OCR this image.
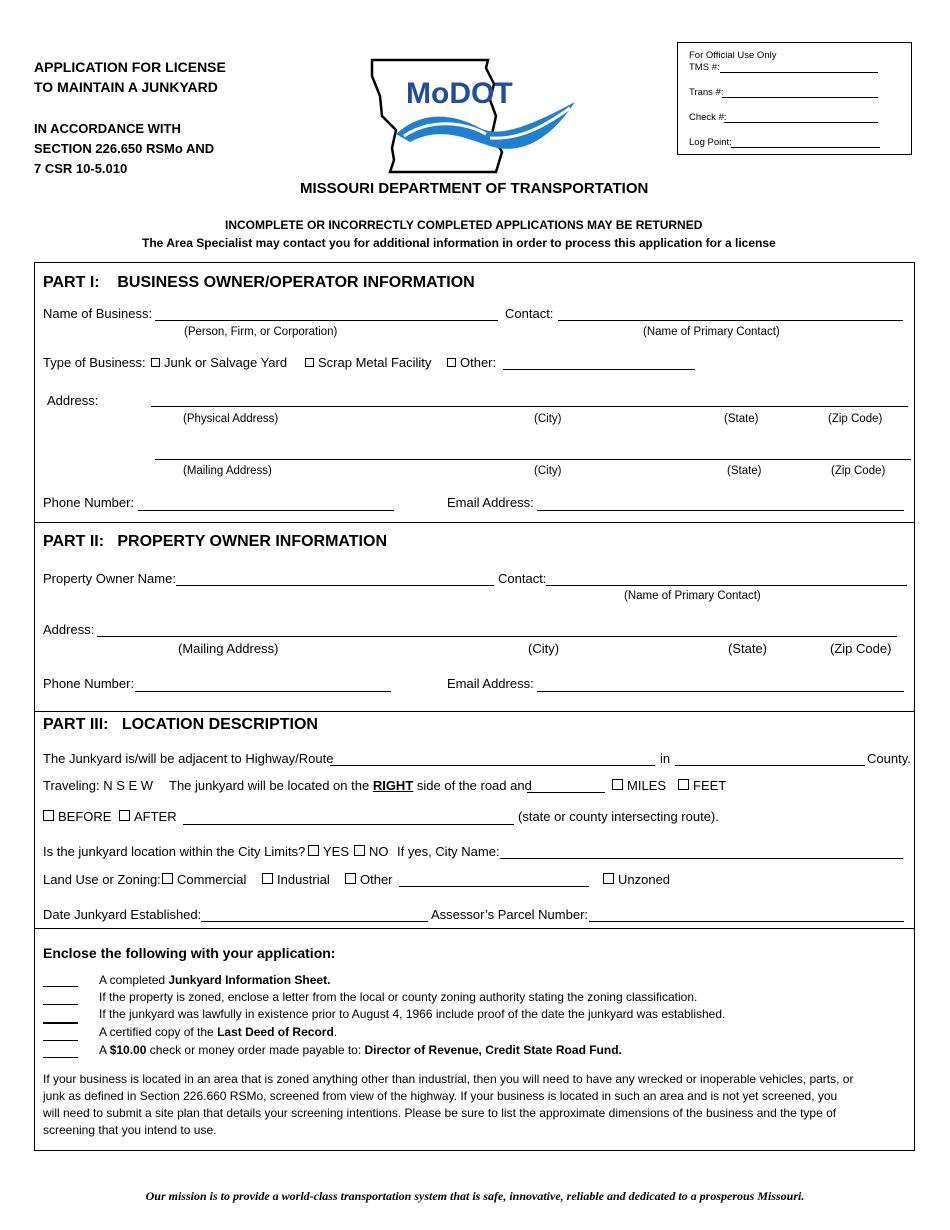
APPLICATION FOR LICENSE
TO MAINTAIN A JUNKYARD
IN ACCORDANCE WITH
SECTION 226.650 RSMo AND
7 CSR 10-5.010
MoDOT
For Official Use Only
TMS #:
Trans #:
Check #:
Log Point:
MISSOURI DEPARTMENT OF TRANSPORTATION
INCOMPLETE OR INCORRECTLY COMPLETED APPLICATIONS MAY BE RETURNED
The Area Specialist may contact you for additional information in order to process this application for a license
PART I:    BUSINESS OWNER/OPERATOR INFORMATION
Name of Business:
(Person, Firm, or Corporation)
Contact:
(Name of Primary Contact)
Type of Business:	Junk or Salvage Yard	Scrap Metal Facility	Other:
Address:
(Physical Address)	(City)	(State)	(Zip Code)
(Mailing Address)	(City)	(State)	(Zip Code)
Phone Number:	Email Address:
PART II:   PROPERTY OWNER INFORMATION
Property Owner Name:	Contact:
(Name of Primary Contact)
Address:
(Mailing Address)	(City)	(State)	(Zip Code)
Phone Number:	Email Address:
PART III:   LOCATION DESCRIPTION
The Junkyard is/will be adjacent to Highway/Route	in	County.
Traveling: N S E W The junkyard will be located on the RIGHT side of the road and	MILES	FEET
BEFORE	AFTER	(state or county intersecting route).
Is the junkyard location within the City Limits?	YES	NO If yes, City Name:
Land Use or Zoning:	Commercial	Industrial	Other	Unzoned
Date Junkyard Established:	Assessor’s Parcel Number:
Enclose the following with your application:
A completed Junkyard Information Sheet.
If the property is zoned, enclose a letter from the local or county zoning authority stating the zoning classification.
If the junkyard was lawfully in existence prior to August 4, 1966 include proof of the date the junkyard was established.
A certified copy of the Last Deed of Record.
A $10.00 check or money order made payable to: Director of Revenue, Credit State Road Fund.
If your business is located in an area that is zoned anything other than industrial, then you will need to have any wrecked or inoperable vehicles, parts, or
junk as defined in Section 226.660 RSMo, screened from view of the highway. If your business is located in such an area and is not yet screened, you
will need to submit a site plan that details your screening intentions. Please be sure to list the approximate dimensions of the business and the type of
screening that you intend to use.
Our mission is to provide a world-class transportation system that is safe, innovative, reliable and dedicated to a prosperous Missouri.
